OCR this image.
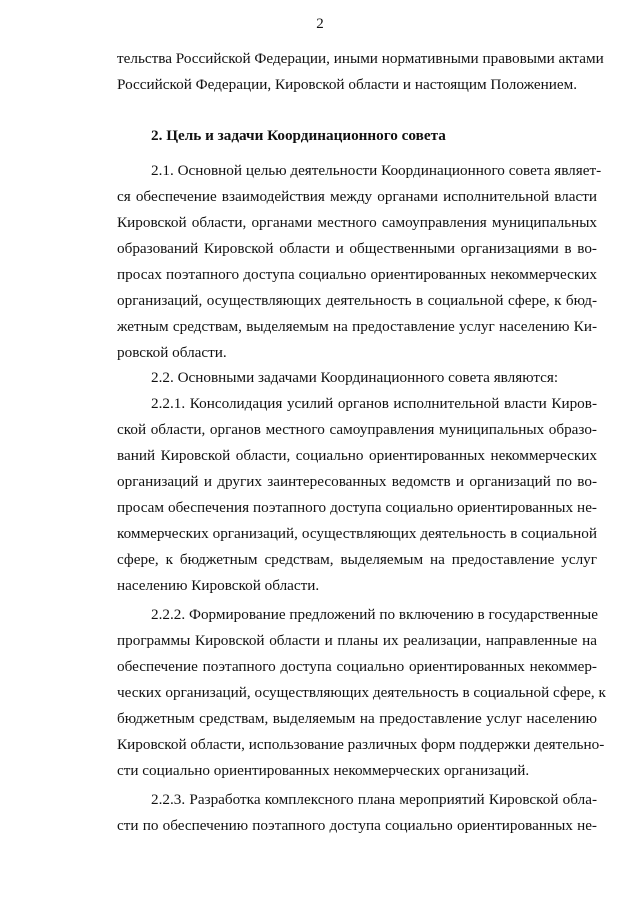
2
тельства Российской Федерации, иными нормативными правовыми актами
Российской Федерации, Кировской области и настоящим Положением.
2. Цель и задачи Координационного совета
2.1. Основной целью деятельности Координационного совета являет-
ся обеспечение взаимодействия между органами исполнительной власти
Кировской области, органами местного самоуправления муниципальных
образований Кировской области и общественными организациями в во-
просах поэтапного доступа социально ориентированных некоммерческих
организаций, осуществляющих деятельность в социальной сфере, к бюд-
жетным средствам, выделяемым на предоставление услуг населению Ки-
ровской области.
2.2. Основными задачами Координационного совета являются:
2.2.1. Консолидация усилий органов исполнительной власти Киров-
ской области, органов местного самоуправления муниципальных образо-
ваний Кировской области, социально ориентированных некоммерческих
организаций и других заинтересованных ведомств и организаций по во-
просам обеспечения поэтапного доступа социально ориентированных не-
коммерческих организаций, осуществляющих деятельность в социальной
сфере, к бюджетным средствам, выделяемым на предоставление услуг
населению Кировской области.
2.2.2. Формирование предложений по включению в государственные
программы Кировской области и планы их реализации, направленные на
обеспечение поэтапного доступа социально ориентированных некоммер-
ческих организаций, осуществляющих деятельность в социальной сфере, к
бюджетным средствам, выделяемым на предоставление услуг населению
Кировской области, использование различных форм поддержки деятельно-
сти социально ориентированных некоммерческих организаций.
2.2.3. Разработка комплексного плана мероприятий Кировской обла-
сти по обеспечению поэтапного доступа социально ориентированных не-
